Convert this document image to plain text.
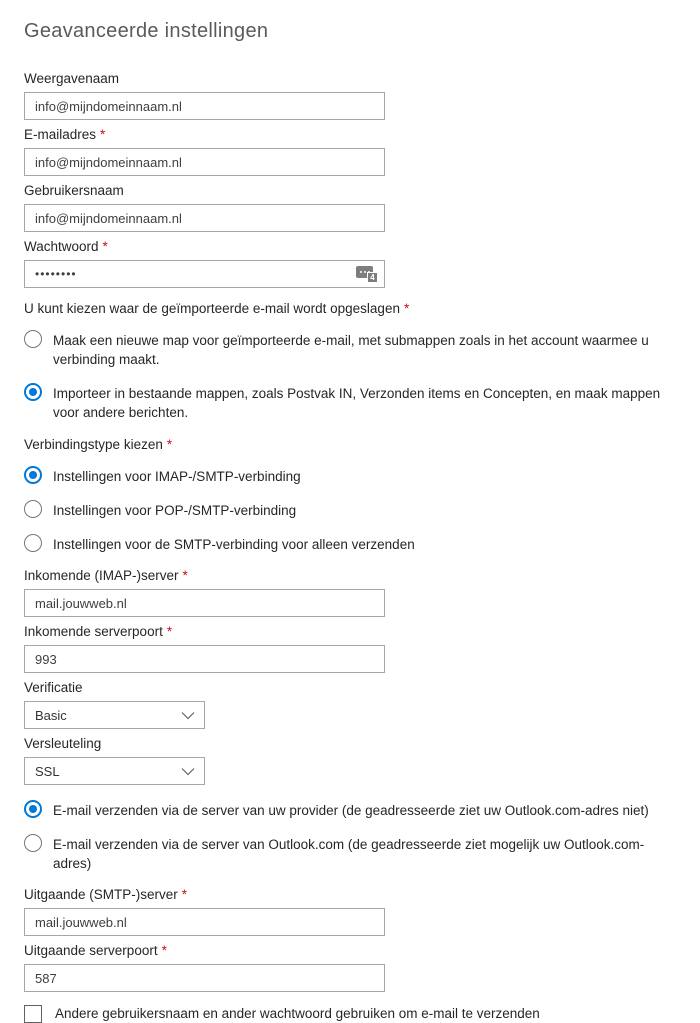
Geavanceerde instellingen
Weergavenaam
info@mijndomeinnaam.nl
E-mailadres *
info@mijndomeinnaam.nl
Gebruikersnaam
info@mijndomeinnaam.nl
Wachtwoord *
••••••••
4
U kunt kiezen waar de geïmporteerde e-mail wordt opgeslagen *
Maak een nieuwe map voor geïmporteerde e-mail, met submappen zoals in het account waarmee u verbinding maakt.
Importeer in bestaande mappen, zoals Postvak IN, Verzonden items en Concepten, en maak mappen voor andere berichten.
Verbindingstype kiezen *
Instellingen voor IMAP-/SMTP-verbinding
Instellingen voor POP-/SMTP-verbinding
Instellingen voor de SMTP-verbinding voor alleen verzenden
Inkomende (IMAP-)server *
mail.jouwweb.nl
Inkomende serverpoort *
993
Verificatie
Basic
Versleuteling
SSL
E-mail verzenden via de server van uw provider (de geadresseerde ziet uw Outlook.com-adres niet)
E-mail verzenden via de server van Outlook.com (de geadresseerde ziet mogelijk uw Outlook.com-adres)
Uitgaande (SMTP-)server *
mail.jouwweb.nl
Uitgaande serverpoort *
587
Andere gebruikersnaam en ander wachtwoord gebruiken om e-mail te verzenden
